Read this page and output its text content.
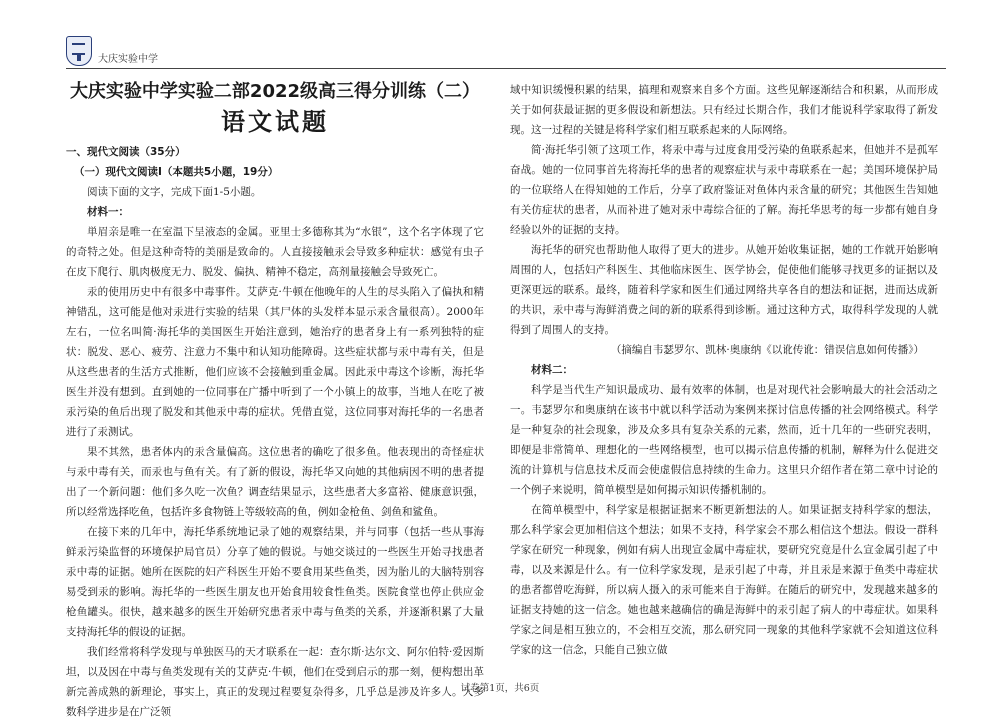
大庆实验中学
大庆实验中学实验二部2022级高三得分训练（二）
语文试题

一、现代文阅读（35分）

（一）现代文阅读Ⅰ（本题共5小题，19分）

阅读下面的文字，完成下面1-5小题。

材料一：

単眉亲是唯一在室温下呈液态的金属。亚里士多德称其为“水银”，这个名字体现了它的奇特之处。但是这种奇特的美丽是致命的。人直接接触汞会导致多种症状：感觉有虫子在皮下爬行、肌肉极度无力、脱发、偏执、精神不稳定，高剂量接触会导致死亡。

汞的使用历史中有很多中毒事件。艾萨克·牛顿在他晚年的人生的尽头陷入了偏执和精神错乱，这可能是他对汞进行实验的结果（其尸体的头发样本显示汞含量很高）。2000年左右，一位名叫简·海托华的美国医生开始注意到，她治疗的患者身上有一系列独特的症状：脱发、恶心、疲劳、注意力不集中和认知功能障碍。这些症状都与汞中毒有关，但是从这些患者的生活方式推断，他们应该不会接触到重金属。因此汞中毒这个诊断，海托华医生并没有想到。直到她的一位同事在广播中听到了一个小镇上的故事，当地人在吃了被汞污染的鱼后出现了脱发和其他汞中毒的症状。凭借直觉，这位同事对海托华的一名患者进行了汞测试。

果不其然，患者体内的汞含量偏高。这位患者的确吃了很多鱼。他表现出的奇怪症状与汞中毒有关，而汞也与鱼有关。有了新的假设，海托华又向她的其他病因不明的患者提出了一个新问题：他们多久吃一次鱼？调查结果显示，这些患者大多富裕、健康意识强，所以经常选择吃鱼，包括许多食物链上等级较高的鱼，例如金枪鱼、剑鱼和鲨鱼。

在接下来的几年中，海托华系统地记录了她的观察结果，并与同事（包括一些从事海鲜汞污染监督的环境保护局官员）分享了她的假说。与她交谈过的一些医生开始寻找患者汞中毒的证据。她所在医院的妇产科医生开始不要食用某些鱼类，因为胎儿的大脑特别容易受到汞的影响。海托华的一些医生朋友也开始食用较食性鱼类。医院食堂也停止供应金枪鱼罐头。很快，越来越多的医生开始研究患者汞中毒与鱼类的关系，并逐渐积累了大量支持海托华的假设的证据。

我们经常将科学发现与单独医马的天才联系在一起：查尔斯·达尔文、阿尔伯特·爱因斯坦，以及因在中毒与鱼类发现有关的艾萨克·牛顿，他们在受到启示的那一刻，便构想出革新完善成熟的新理论，事实上，真正的发现过程要复杂得多，几乎总是涉及许多人。大多数科学进步是在广泛领

域中知识缓慢积累的结果，搞理和观察来自多个方面。这些见解逐渐结合和积累，从而形成关于如何获最证据的更多假设和新想法。只有经过长期合作，我们才能说科学家取得了新发现。这一过程的关键是将科学家们相互联系起来的人际网络。

简·海托华引领了这项工作，将汞中毒与过度食用受污染的鱼联系起来，但她并不是孤军奋战。她的一位同事首先将海托华的患者的观察症状与汞中毒联系在一起；美国环境保护局的一位联络人在得知她的工作后，分享了政府鉴证对鱼体内汞含量的研究；其他医生告知她有关仿症状的患者，从而补进了她对汞中毒综合征的了解。海托华思考的每一步都有她自身经验以外的证据的支持。

海托华的研究也帮助他人取得了更大的进步。从她开始收集证据，她的工作就开始影响周围的人，包括妇产科医生、其他临床医生、医学协会，促使他们能够寻找更多的证据以及更深更远的联系。最终，随着科学家和医生们通过网络共享各自的想法和证据，进而达成新的共识，汞中毒与海鲜消费之间的新的联系得到诊断。通过这种方式，取得科学发现的人就得到了周围人的支持。

（摘编自韦瑟罗尔、凯林·奥康纳《以讹传讹：错误信息如何传播》）

材料二：

科学是当代生产知识最成功、最有效率的体制，也是对现代社会影响最大的社会活动之一。韦瑟罗尔和奥康纳在该书中就以科学活动为案例来探讨信息传播的社会网络模式。科学是一种复杂的社会现象，涉及众多具有复杂关系的元素，然而，近十几年的一些研究表明，即便是非常简单、理想化的一些网络模型，也可以揭示信息传播的机制，解释为什么促进交流的计算机与信息技术反而会使虚假信息持续的生命力。这里只介绍作者在第二章中讨论的一个例子来说明，简单模型是如何揭示知识传播机制的。

在简单模型中，科学家是根据证据来不断更新想法的人。如果证据支持科学家的想法，那么科学家会更加相信这个想法；如果不支持，科学家会不那么相信这个想法。假设一群科学家在研究一种现象，例如有病人出现宣金属中毒症状，要研究究竟是什么宣金属引起了中毒，以及来源是什么。有一位科学家发现，是汞引起了中毒，并且汞是来源于鱼类中毒症状的患者都曾吃海鲜，所以病人摄入的汞可能来自于海鲜。在随后的研究中，发现越来越多的证据支持她的这一信念。她也越来越确信的确是海鲜中的汞引起了病人的中毒症状。如果科学家之间是相互独立的，不会相互交流，那么研究同一现象的其他科学家就不会知道这位科学家的这一信念，只能自己独立做

试卷第1页，共6页
